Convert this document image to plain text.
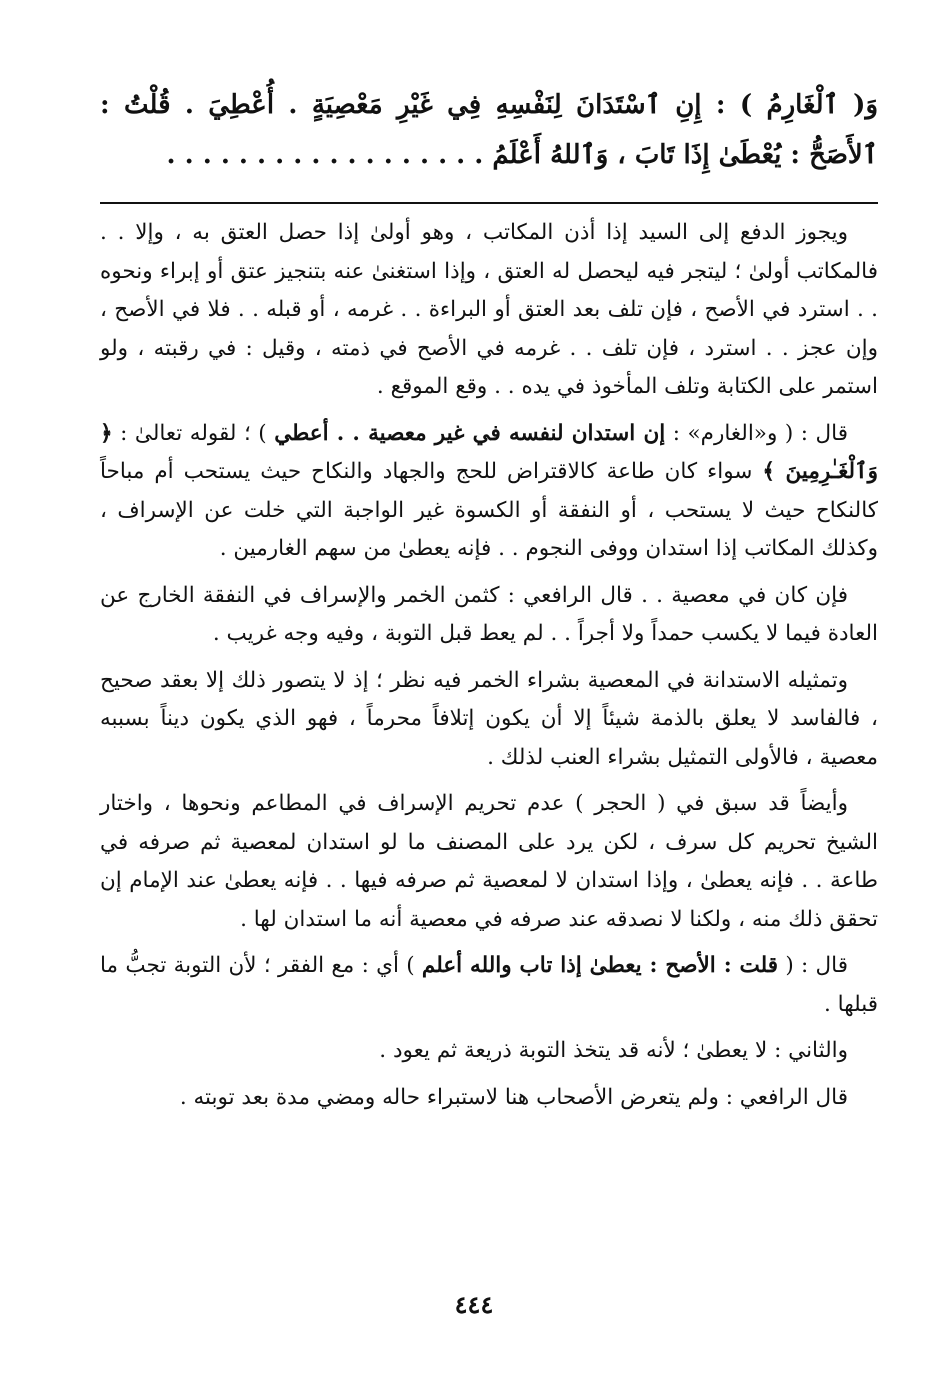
وَ( ٱلْغَارِمُ ) : إِنِ ٱسْتَدَانَ لِنَفْسِهِ فِي غَيْرِ مَعْصِيَةٍ . أُعْطِيَ . قُلْتُ : ٱلأَصَحُّ : يُعْطَىٰ إِذَا تَابَ ، وَٱللهُ أَعْلَمُ . . . . . . . . . . . . . . . . . .

ويجوز الدفع إلى السيد إذا أذن المكاتب ، وهو أولىٰ إذا حصل العتق به ، وإلا . . فالمكاتب أولىٰ ؛ ليتجر فيه ليحصل له العتق ، وإذا استغنىٰ عنه بتنجيز عتق أو إبراء ونحوه . . استرد في الأصح ، فإن تلف بعد العتق أو البراءة . . غرمه ، أو قبله . . فلا في الأصح ، وإن عجز . . استرد ، فإن تلف . . غرمه في الأصح في ذمته ، وقيل : في رقبته ، ولو استمر على الكتابة وتلف المأخوذ في يده . . وقع الموقع .

قال : ( و«الغارم» : إن استدان لنفسه في غير معصية . . أعطي ) ؛ لقوله تعالىٰ : ﴿ وَٱلْغَـٰرِمِينَ ﴾ سواء كان طاعة كالاقتراض للحج والجهاد والنكاح حيث يستحب أم مباحاً كالنكاح حيث لا يستحب ، أو النفقة أو الكسوة غير الواجبة التي خلت عن الإسراف ، وكذلك المكاتب إذا استدان ووفى النجوم . . فإنه يعطىٰ من سهم الغارمين .

فإن كان في معصية . . قال الرافعي : كثمن الخمر والإسراف في النفقة الخارج عن العادة فيما لا يكسب حمداً ولا أجراً . . لم يعط قبل التوبة ، وفيه وجه غريب .

وتمثيله الاستدانة في المعصية بشراء الخمر فيه نظر ؛ إذ لا يتصور ذلك إلا بعقد صحيح ، فالفاسد لا يعلق بالذمة شيئاً إلا أن يكون إتلافاً محرماً ، فهو الذي يكون ديناً بسببه معصية ، فالأولى التمثيل بشراء العنب لذلك .

وأيضاً قد سبق في ( الحجر ) عدم تحريم الإسراف في المطاعم ونحوها ، واختار الشيخ تحريم كل سرف ، لكن يرد على المصنف ما لو استدان لمعصية ثم صرفه في طاعة . . فإنه يعطىٰ ، وإذا استدان لا لمعصية ثم صرفه فيها . . فإنه يعطىٰ عند الإمام إن تحقق ذلك منه ، ولكنا لا نصدقه عند صرفه في معصية أنه ما استدان لها .

قال : ( قلت : الأصح : يعطىٰ إذا تاب والله أعلم ) أي : مع الفقر ؛ لأن التوبة تجبُّ ما قبلها .

والثاني : لا يعطىٰ ؛ لأنه قد يتخذ التوبة ذريعة ثم يعود .

قال الرافعي : ولم يتعرض الأصحاب هنا لاستبراء حاله ومضي مدة بعد توبته .

٤٤٤
